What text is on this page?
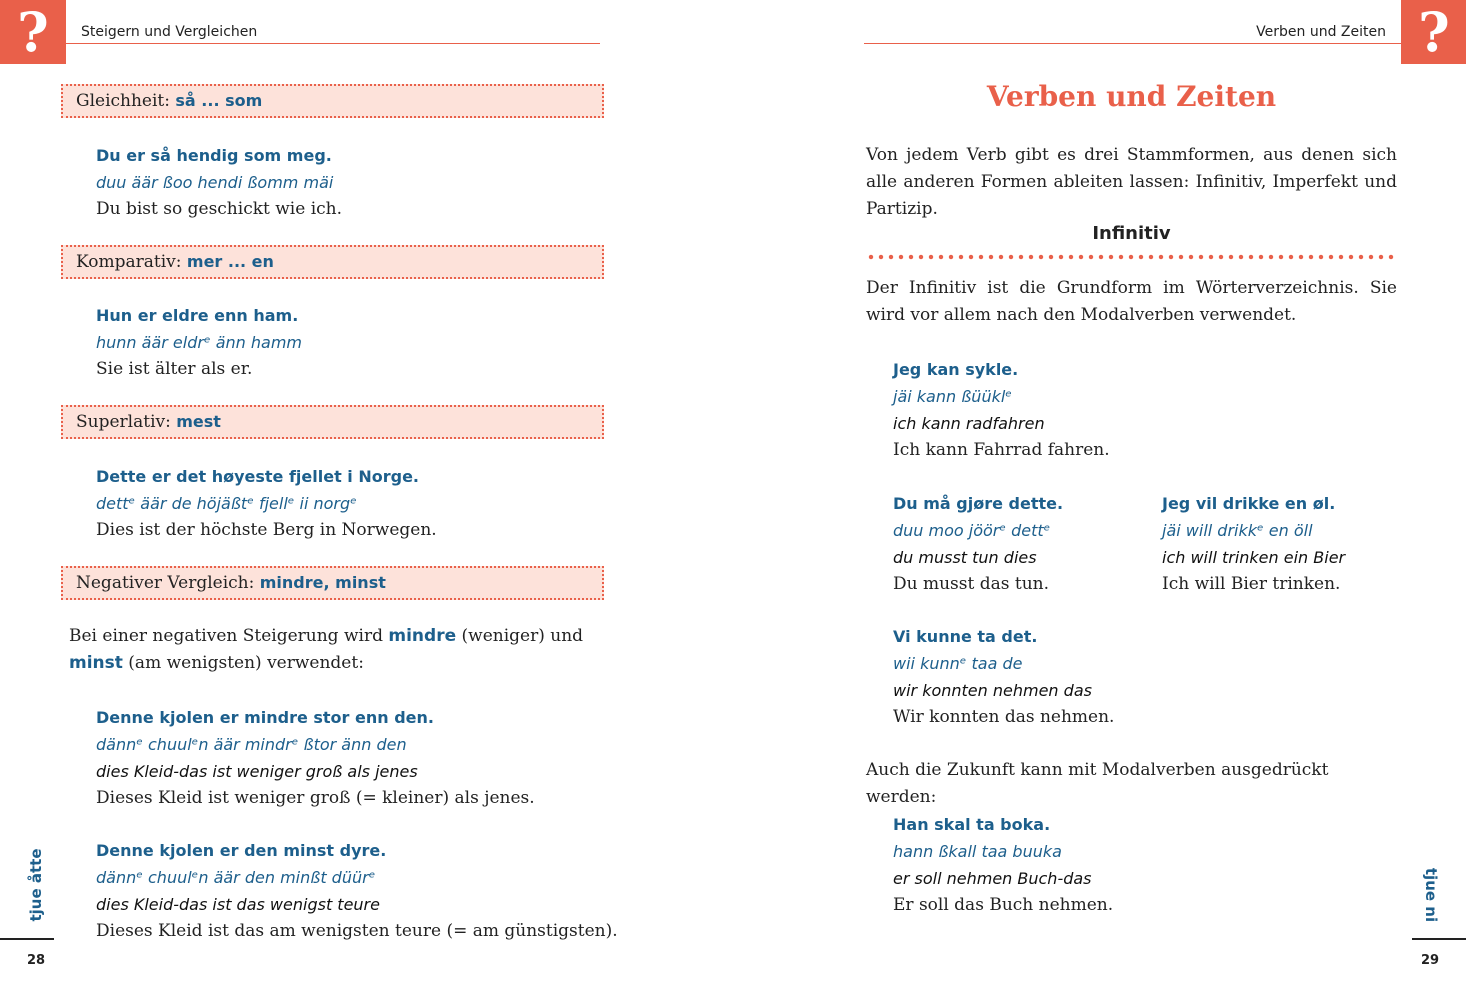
?	Steigern und Vergleichen
Gleichheit: så ... som
Du er så hendig som meg.
duu äär ßoo hendi ßomm mäi
Du bist so geschickt wie ich.
Komparativ: mer ... en
Hun er eldre enn ham.
hunn äär eldrᵉ änn hamm
Sie ist älter als er.
Superlativ: mest
Dette er det høyeste fjellet i Norge.
dettᵉ äär de höjäßtᵉ fjellᵉ ii norgᵉ
Dies ist der höchste Berg in Norwegen.
Negativer Vergleich: mindre, minst
Bei einer negativen Steigerung wird mindre (weniger) und minst (am wenigsten) verwendet:
Denne kjolen er mindre stor enn den.
dännᵉ chuulᵉn äär mindrᵉ ßtor änn den
dies Kleid-das ist weniger groß als jenes
Dieses Kleid ist weniger groß (= kleiner) als jenes.
Denne kjolen er den minst dyre.
dännᵉ chuulᵉn äär den minßt düürᵉ
dies Kleid-das ist das wenigst teure
Dieses Kleid ist das am wenigsten teure (= am günstigsten).
tjue åtte
28
?
Verben und Zeiten
Verben und Zeiten
Von jedem Verb gibt es drei Stammformen, aus denen sich alle anderen Formen ableiten lassen: Infinitiv, Imperfekt und Partizip.
Infinitiv
Der Infinitiv ist die Grundform im Wörterverzeichnis. Sie wird vor allem nach den Modalverben verwendet.
Jeg kan sykle.
jäi kann ßüüklᵉ
ich kann radfahren
Ich kann Fahrrad fahren.
Du må gjøre dette.
duu moo jöörᵉ dettᵉ
du musst tun dies
Du musst das tun.
Jeg vil drikke en øl.
jäi will drikkᵉ en öll
ich will trinken ein Bier
Ich will Bier trinken.
Vi kunne ta det.
wii kunnᵉ taa de
wir konnten nehmen das
Wir konnten das nehmen.
Auch die Zukunft kann mit Modalverben ausgedrückt werden:
Han skal ta boka.
hann ßkall taa buuka
er soll nehmen Buch-das
Er soll das Buch nehmen.	tjue ni
29
